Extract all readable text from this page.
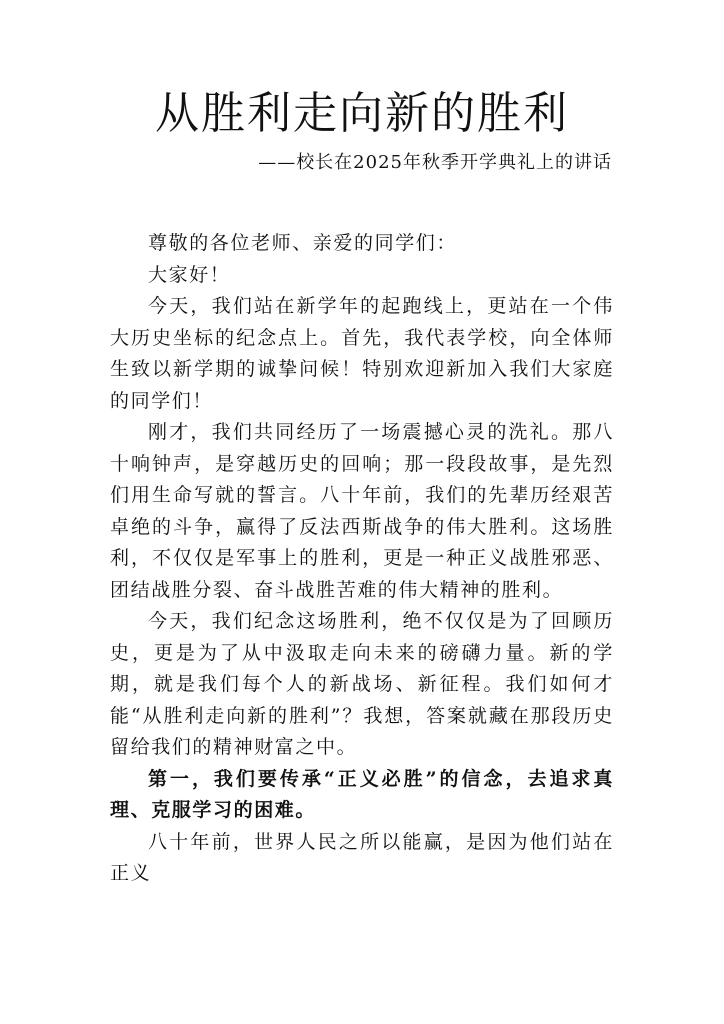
从胜利走向新的胜利
——校长在2025年秋季开学典礼上的讲话

尊敬的各位老师、亲爱的同学们：

大家好！

今天，我们站在新学年的起跑线上，更站在一个伟大历史坐标的纪念点上。首先，我代表学校，向全体师生致以新学期的诚挚问候！特别欢迎新加入我们大家庭的同学们！

刚才，我们共同经历了一场震撼心灵的洗礼。那八十响钟声，是穿越历史的回响；那一段段故事，是先烈们用生命写就的誓言。八十年前，我们的先辈历经艰苦卓绝的斗争，赢得了反法西斯战争的伟大胜利。这场胜利，不仅仅是军事上的胜利，更是一种正义战胜邪恶、团结战胜分裂、奋斗战胜苦难的伟大精神的胜利。

今天，我们纪念这场胜利，绝不仅仅是为了回顾历史，更是为了从中汲取走向未来的磅礴力量。新的学期，就是我们每个人的新战场、新征程。我们如何才能“从胜利走向新的胜利”？我想，答案就藏在那段历史留给我们的精神财富之中。

第一，我们要传承“正义必胜”的信念，去追求真理、克服学习的困难。

八十年前，世界人民之所以能赢，是因为他们站在正义
